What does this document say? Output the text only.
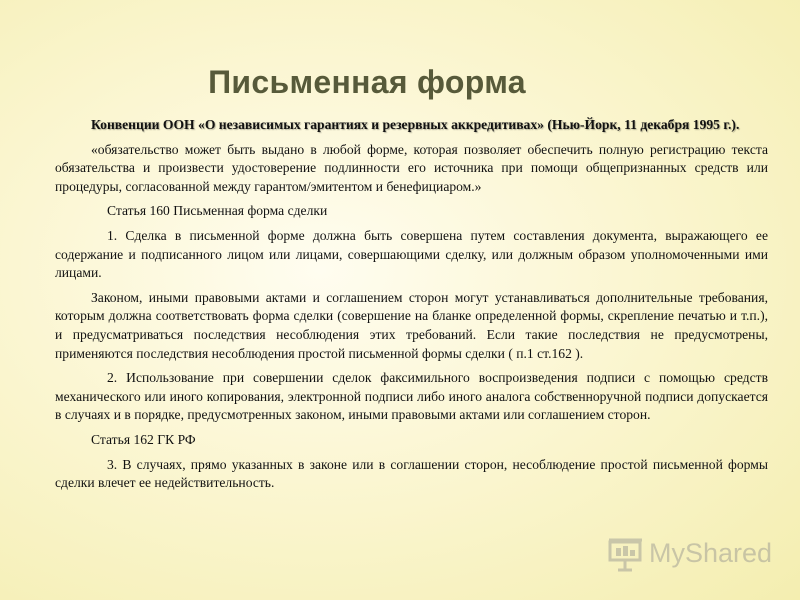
Письменная форма

Конвенции ООН «О независимых гарантиях и резервных аккредитивах» (Нью-Йорк, 11 декабря 1995 г.).

«обязательство может быть выдано в любой форме, которая позволяет обеспечить полную регистрацию текста обязательства и произвести удостоверение подлинности его источника при помощи общепризнанных средств или процедуры, согласованной между гарантом/эмитентом и бенефициаром.»

Статья 160 Письменная форма сделки

1. Сделка в письменной форме должна быть совершена путем составления документа, выражающего ее содержание и подписанного лицом или лицами, совершающими сделку, или должным образом уполномоченными ими лицами.

Законом, иными правовыми актами и соглашением сторон могут устанавливаться дополнительные требования, которым должна соответствовать форма сделки (совершение на бланке определенной формы, скрепление печатью и т.п.), и предусматриваться последствия несоблюдения этих требований. Если такие последствия не предусмотрены, применяются последствия несоблюдения простой письменной формы сделки ( п.1 ст.162 ).

2. Использование при совершении сделок факсимильного воспроизведения подписи с помощью средств механического или иного копирования, электронной подписи либо иного аналога собственноручной подписи допускается в случаях и в порядке, предусмотренных законом, иными правовыми актами или соглашением сторон.

Статья 162 ГК РФ

3. В случаях, прямо указанных в законе или в соглашении сторон, несоблюдение простой письменной формы сделки влечет ее недействительность.

MyShared
